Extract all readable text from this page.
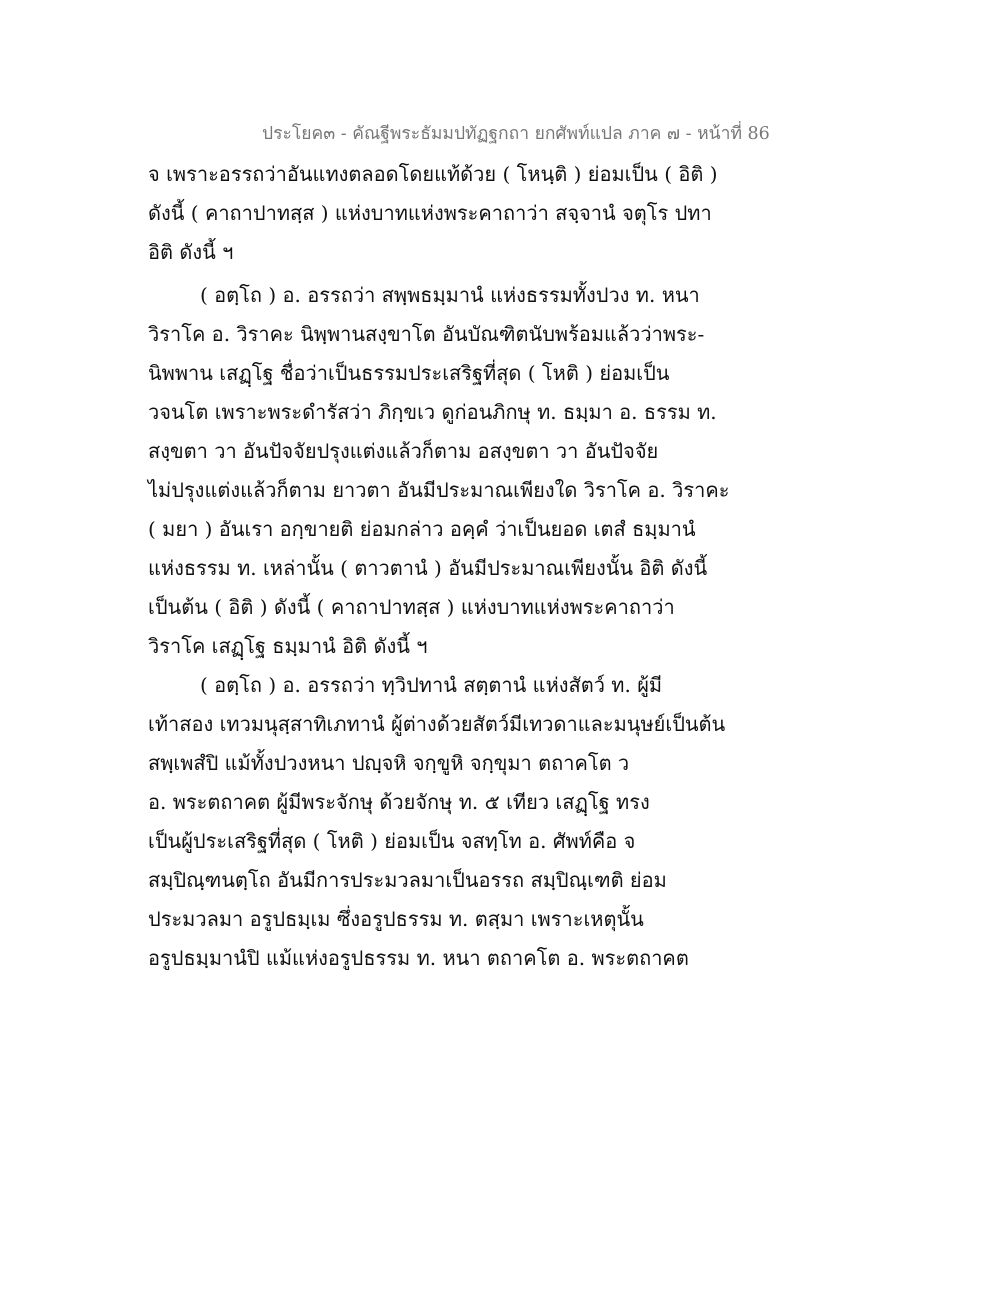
ประโยค๓ - คัณฐีพระธัมมปทัฏฐกถา ยกศัพท์แปล ภาค ๗ - หน้าที่ 86
จ เพราะอรรถว่าอันแทงตลอดโดยแท้ด้วย ( โหนฺติ ) ย่อมเป็น ( อิติ )
ดังนี้ ( คาถาปาทสฺส ) แห่งบาทแห่งพระคาถาว่า สจฺจานํ จตุโร ปทา
อิติ ดังนี้ ฯ
( อตฺโถ ) อ. อรรถว่า สพฺพธมฺมานํ แห่งธรรมทั้งปวง ท. หนา
วิราโค อ. วิราคะ นิพฺพานสงฺขาโต อันบัณฑิตนับพร้อมแล้วว่าพระ-
นิพพาน เสฏฺโฐ ชื่อว่าเป็นธรรมประเสริฐที่สุด ( โหติ ) ย่อมเป็น
วจนโต เพราะพระดำรัสว่า ภิกฺขเว ดูก่อนภิกษุ ท. ธมฺมา อ. ธรรม ท.
สงฺขตา วา อันปัจจัยปรุงแต่งแล้วก็ตาม อสงฺขตา วา อันปัจจัย
ไม่ปรุงแต่งแล้วก็ตาม ยาวตา อันมีประมาณเพียงใด วิราโค อ. วิราคะ
( มยา ) อันเรา อกฺขายติ ย่อมกล่าว อคฺคํ ว่าเป็นยอด เตสํ ธมฺมานํ
แห่งธรรม ท. เหล่านั้น ( ตาวตานํ ) อันมีประมาณเพียงนั้น อิติ ดังนี้
เป็นต้น ( อิติ ) ดังนี้ ( คาถาปาทสฺส ) แห่งบาทแห่งพระคาถาว่า
วิราโค เสฏฺโฐ ธมฺมานํ อิติ ดังนี้ ฯ
( อตฺโถ ) อ. อรรถว่า ทฺวิปทานํ สตฺตานํ แห่งสัตว์ ท. ผู้มี
เท้าสอง เทวมนุสฺสาทิเภทานํ ผู้ต่างด้วยสัตว์มีเทวดาและมนุษย์เป็นต้น
สพฺเพสํปิ แม้ทั้งปวงหนา ปญฺจหิ จกฺขูหิ จกฺขุมา ตถาคโต ว
อ. พระตถาคต ผู้มีพระจักษุ ด้วยจักษุ ท. ๕ เทียว เสฏฺโฐ ทรง
เป็นผู้ประเสริฐที่สุด ( โหติ ) ย่อมเป็น จสทฺโท อ. ศัพท์คือ จ
สมฺปิณฺฑนตฺโถ อันมีการประมวลมาเป็นอรรถ สมฺปิณฺเฑติ ย่อม
ประมวลมา อรูปธมฺเม ซึ่งอรูปธรรม ท. ตสฺมา เพราะเหตุนั้น
อรูปธมฺมานํปิ แม้แห่งอรูปธรรม ท. หนา ตถาคโต อ. พระตถาคต
